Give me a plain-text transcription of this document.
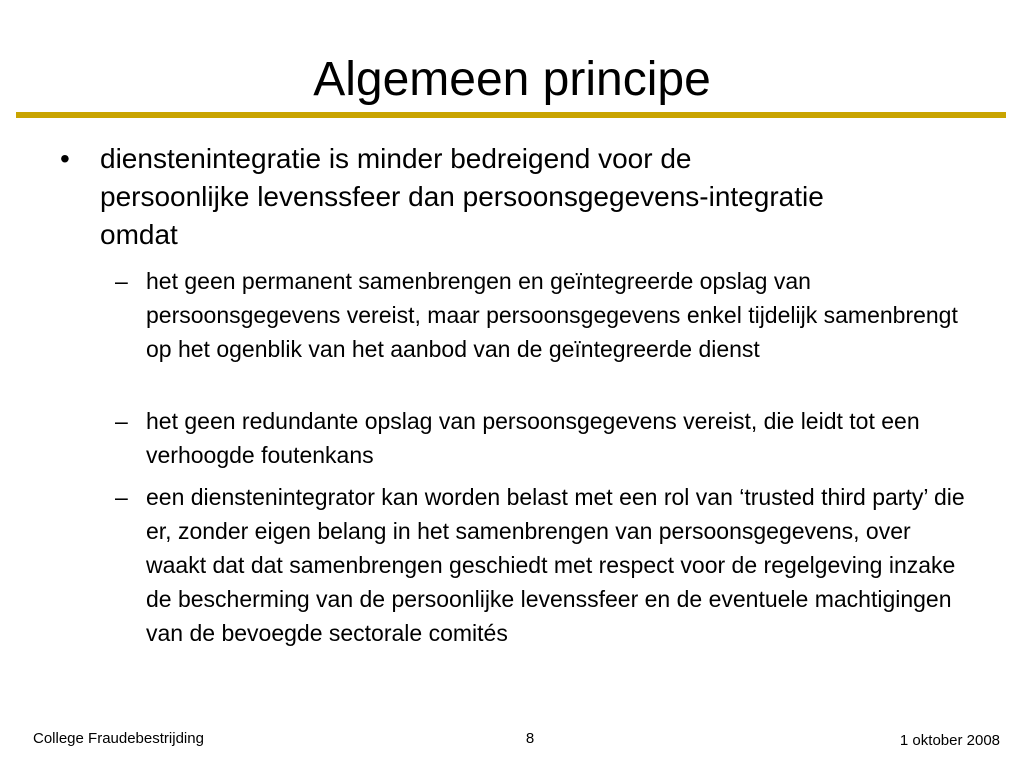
Algemeen principe
• dienstenintegratie is minder bedreigend voor de persoonlijke levenssfeer dan persoonsgegevens-integratie omdat
– het geen permanent samenbrengen en geïntegreerde opslag van persoonsgegevens vereist, maar persoonsgegevens enkel tijdelijk samenbrengt op het ogenblik van het aanbod van de geïntegreerde dienst
– het geen redundante opslag van persoonsgegevens vereist, die leidt tot een verhoogde foutenkans
– een dienstenintegrator kan worden belast met een rol van ‘trusted third party’ die er, zonder eigen belang in het samenbrengen van persoonsgegevens, over waakt dat dat samenbrengen geschiedt met respect voor de regelgeving inzake de bescherming van de persoonlijke levenssfeer en de eventuele machtigingen van de bevoegde sectorale comités
College Fraudebestrijding	8	1 oktober 2008
